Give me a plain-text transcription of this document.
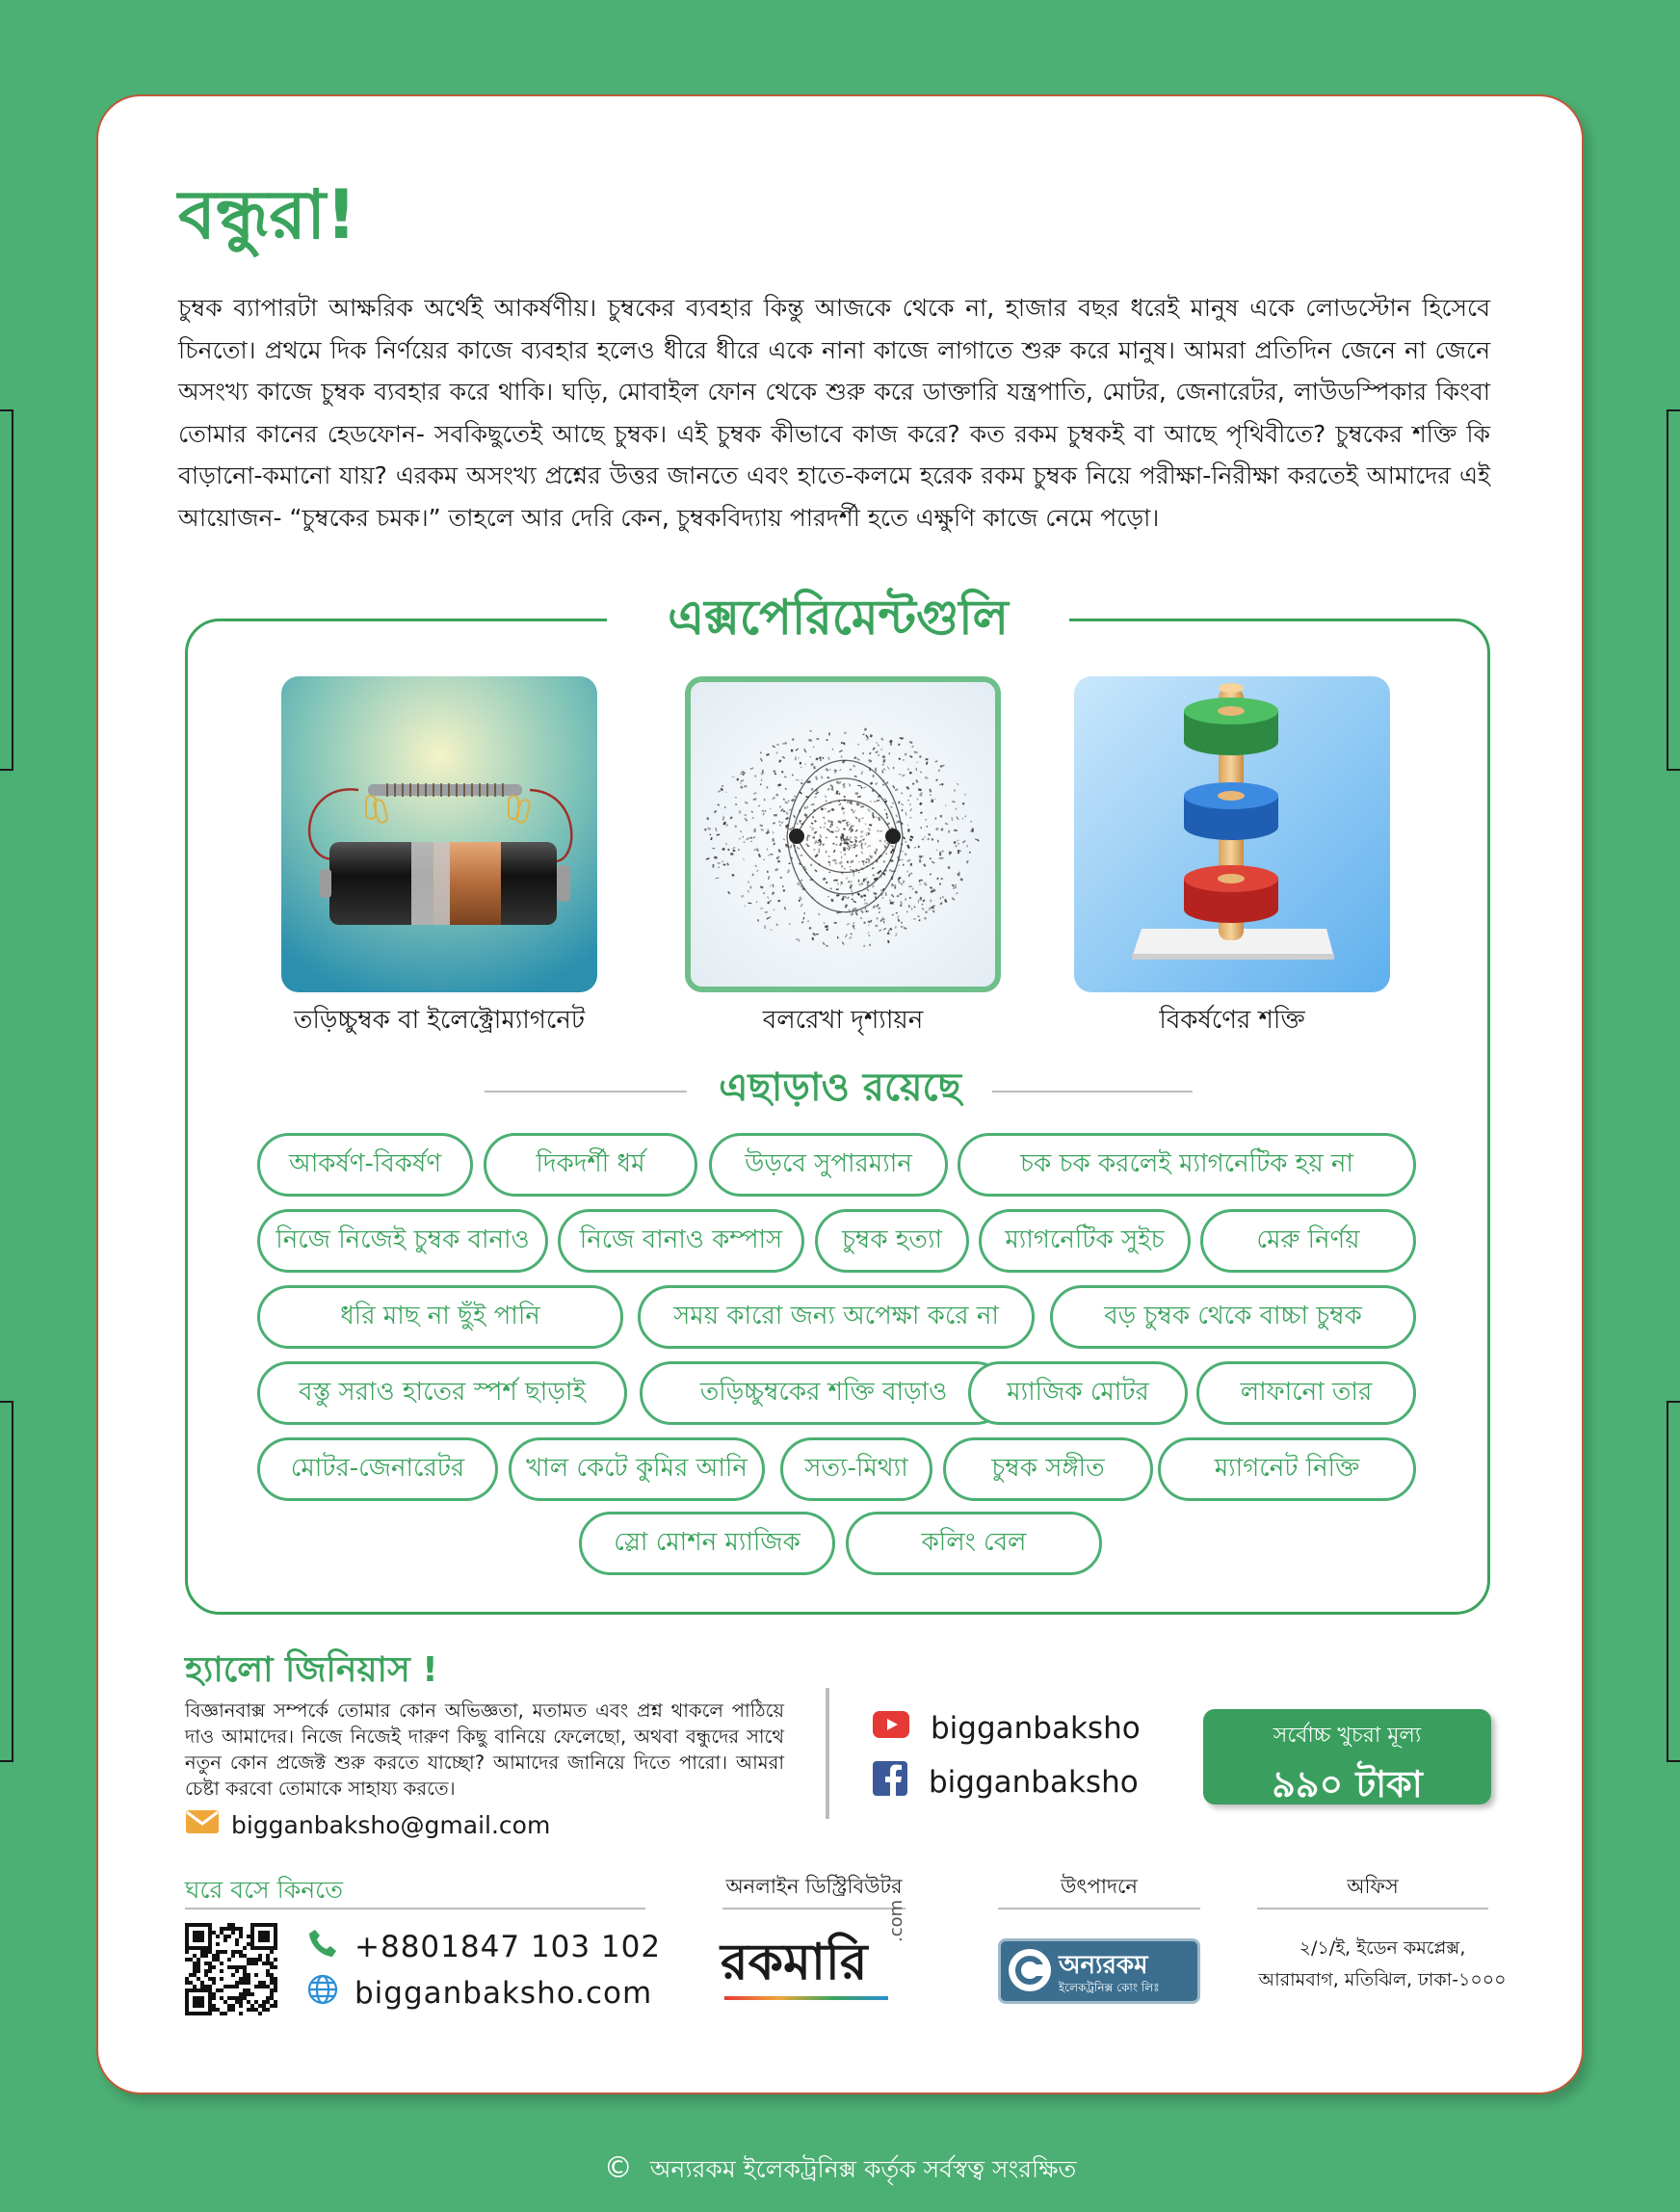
বন্ধুরা!

চুম্বক ব্যাপারটা আক্ষরিক অর্থেই আকর্ষণীয়। চুম্বকের ব্যবহার কিন্তু আজকে থেকে না, হাজার বছর ধরেই মানুষ একে লোডস্টোন হিসেবে চিনতো। প্রথমে দিক নির্ণয়ের কাজে ব্যবহার হলেও ধীরে ধীরে একে নানা কাজে লাগাতে শুরু করে মানুষ। আমরা প্রতিদিন জেনে না জেনে অসংখ্য কাজে চুম্বক ব্যবহার করে থাকি। ঘড়ি, মোবাইল ফোন থেকে শুরু করে ডাক্তারি যন্ত্রপাতি, মোটর, জেনারেটর, লাউডস্পিকার কিংবা তোমার কানের হেডফোন- সবকিছুতেই আছে চুম্বক। এই চুম্বক কীভাবে কাজ করে? কত রকম চুম্বকই বা আছে পৃথিবীতে? চুম্বকের শক্তি কি বাড়ানো-কমানো যায়? এরকম অসংখ্য প্রশ্নের উত্তর জানতে এবং হাতে-কলমে হরেক রকম চুম্বক নিয়ে পরীক্ষা-নিরীক্ষা করতেই আমাদের এই আয়োজন- “চুম্বকের চমক।” তাহলে আর দেরি কেন, চুম্বকবিদ্যায় পারদর্শী হতে এক্ষুণি কাজে নেমে পড়ো।

এক্সপেরিমেন্টগুলি
তড়িচ্চুম্বক বা ইলেক্ট্রোম্যাগনেট	বলরেখা দৃশ্যায়ন	বিকর্ষণের শক্তি
এছাড়াও রয়েছে
আকর্ষণ-বিকর্ষণ	দিকদর্শী ধর্ম	উড়বে সুপারম্যান	চক চক করলেই ম্যাগনেটিক হয় না
নিজে নিজেই চুম্বক বানাও	নিজে বানাও কম্পাস	চুম্বক হত্যা	ম্যাগনেটিক সুইচ	মেরু নির্ণয়
ধরি মাছ না ছুঁই পানি	সময় কারো জন্য অপেক্ষা করে না	বড় চুম্বক থেকে বাচ্চা চুম্বক
বস্তু সরাও হাতের স্পর্শ ছাড়াই	তড়িচ্চুম্বকের শক্তি বাড়াও	ম্যাজিক মোটর	লাফানো তার
মোটর-জেনারেটর	খাল কেটে কুমির আনি	সত্য-মিথ্যা	চুম্বক সঙ্গীত	ম্যাগনেট নিক্তি
স্লো মোশন ম্যাজিক	কলিং বেল
হ্যালো জিনিয়াস !

বিজ্ঞানবাক্স সম্পর্কে তোমার কোন অভিজ্ঞতা, মতামত এবং প্রশ্ন থাকলে পাঠিয়ে দাও আমাদের। নিজে নিজেই দারুণ কিছু বানিয়ে ফেলেছো, অথবা বন্ধুদের সাথে নতুন কোন প্রজেক্ট শুরু করতে যাচ্ছো? আমাদের জানিয়ে দিতে পারো। আমরা চেষ্টা করবো তোমাকে সাহায্য করতে।

bigganbaksho@gmail.com
bigganbaksho
bigganbaksho
সর্বোচ্চ খুচরা মূল্য
৯৯০ টাকা
ঘরে বসে কিনতে	অনলাইন ডিস্ট্রিবিউটর	উৎপাদনে	অফিস
+8801847 103 102
bigganbaksho.com
রকমারি
.com
অন্যরকম
ইলেকট্রনিক্স কোং লিঃ
২/১/ই, ইডেন কমপ্লেক্স,
আরামবাগ, মতিঝিল, ঢাকা-১০০০
© অন্যরকম ইলেকট্রনিক্স কর্তৃক সর্বস্বত্ব সংরক্ষিত
